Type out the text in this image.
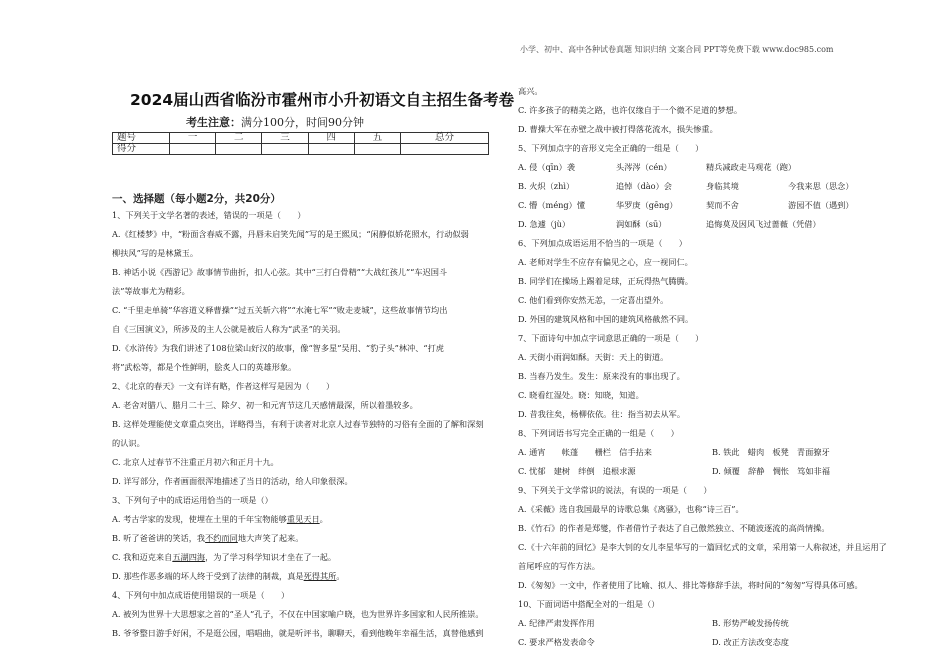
小学、初中、高中各种试卷真题 知识归纳 文案合同 PPT等免费下载 www.doc985.com
2024届山西省临汾市霍州市小升初语文自主招生备考卷
考生注意：满分100分，时间90分钟
题号	一	二	三	四	五	总分
得分						
一、选择题（每小题2分，共20分）
1、下列关于文学名著的表述，错误的一项是（　　）
A.《红楼梦》中，“粉面含春威不露，丹唇未启笑先闻”写的是王熙凤；“闲静似娇花照水，行动似弱
柳扶风”写的是林黛玉。
B. 神话小说《西游记》故事情节曲折，扣人心弦。其中“三打白骨精”“大战红孩儿”“车迟国斗
法”等故事尤为精彩。
C. “千里走单骑”华容道义释曹操”“过五关斩六将”“水淹七军”“败走麦城”，这些故事情节均出
自《三国演义》，所涉及的主人公就是被后人称为“武圣”的关羽。
D.《水浒传》为我们讲述了108位梁山好汉的故事，像“智多星”吴用、“豹子头”林冲、“打虎
将”武松等，都是个性鲜明，脍炙人口的英雄形象。
2、《北京的春天》一文有详有略，作者这样写是因为（　　）
A. 老舍对腊八、腊月二十三、除夕、初一和元宵节这几天感情最深，所以着墨较多。
B. 这样处理能使文章重点突出，详略得当，有利于读者对北京人过春节独特的习俗有全面的了解和深刻
的认识。
C. 北京人过春节不注重正月初六和正月十九。
D. 详写部分，作者画面很浑地描述了当日的活动，给人印象很深。
3、下列句子中的成语运用恰当的一项是（）
A. 考古学家的发现，使埋在土里的千年宝物能够重见天日。
B. 听了爸爸讲的笑话，我不约而同地大声笑了起来。
C. 我和迈克来自五湖四海，为了学习科学知识才坐在了一起。
D. 那些作恶多端的坏人终于受到了法律的制裁，真是死得其所。
4、下列句中加点成语使用错误的一项是（　　）
A. 被列为世界十大思想家之首的“圣人”孔子，不仅在中国家喻户晓，也为世界许多国家和人民所推崇。
B. 爷爷整日游手好闲，不是逛公园，唱唱曲，就是听评书，聊聊天，看到他晚年幸福生活，真替他感到
高兴。
C. 许多孩子的精美之路，也许仅缘自于一个微不足道的梦想。
D. 曹操大军在赤壁之战中被打得落花流水，损失惨重。
5、下列加点字的音形义完全正确的一组是（　　）
A. 侵（qīn）袭	头涔涔（cén）	精兵减政走马观花（跑）
B. 火炽（zhì）	追悼（dào）会	身临其境	今我来思（思念）
C. 懵（méng）懂	华罗庚（gēng）	契而不舍	游园不值（遇到）
D. 急遽（jù）	润如酥（sū）	追悔莫及因风飞过蔷薇（凭借）
6、下列加点成语运用不恰当的一项是（　　）
A. 老师对学生不应存有偏见之心，应一视同仁。
B. 同学们在操场上踢着足球，正玩得热气腾腾。
C. 他们看到你安然无恙，一定喜出望外。
D. 外国的建筑风格和中国的建筑风格截然不同。
7、下面诗句中加点字词意思正确的一项是（　　）
A. 天街小雨润如酥。天街：天上的街道。
B. 当春乃发生。发生：原来没有的事出现了。
C. 晓看红湿处。晓：知晓，知道。
D. 昔我往矣，杨柳依依。往：指当初去从军。
8、下列词语书写完全正确的一组是（　　）
A. 通宵　　帐蓬　　栅栏　信手拈来	B. 铁此　蜡肉　板凳　青面獠牙
C. 忧郁　建树　绊倒　追根求源	D. 倾覆　辞静　惆怅　笃如非福
9、下列关于文学常识的说法，有误的一项是（　　）
A.《采薇》选自我国最早的诗歌总集《离骚》，也称“诗三百”。
B.《竹石》的作者是郑燮，作者借竹子表达了自己傲然独立、不随波逐流的高尚情操。
C.《十六年前的回忆》是李大钊的女儿李星华写的一篇回忆式的文章，采用第一人称叙述，并且运用了
首尾呼应的写作方法。
D.《匆匆》一文中，作者使用了比喻、拟人、排比等修辞手法，将时间的“匆匆”写得具体可感。
10、下面词语中搭配全对的一组是（）
A. 纪律严肃发挥作用	B. 形势严峻发扬传统
C. 要求严格发表命令	D. 改正方法改变态度
